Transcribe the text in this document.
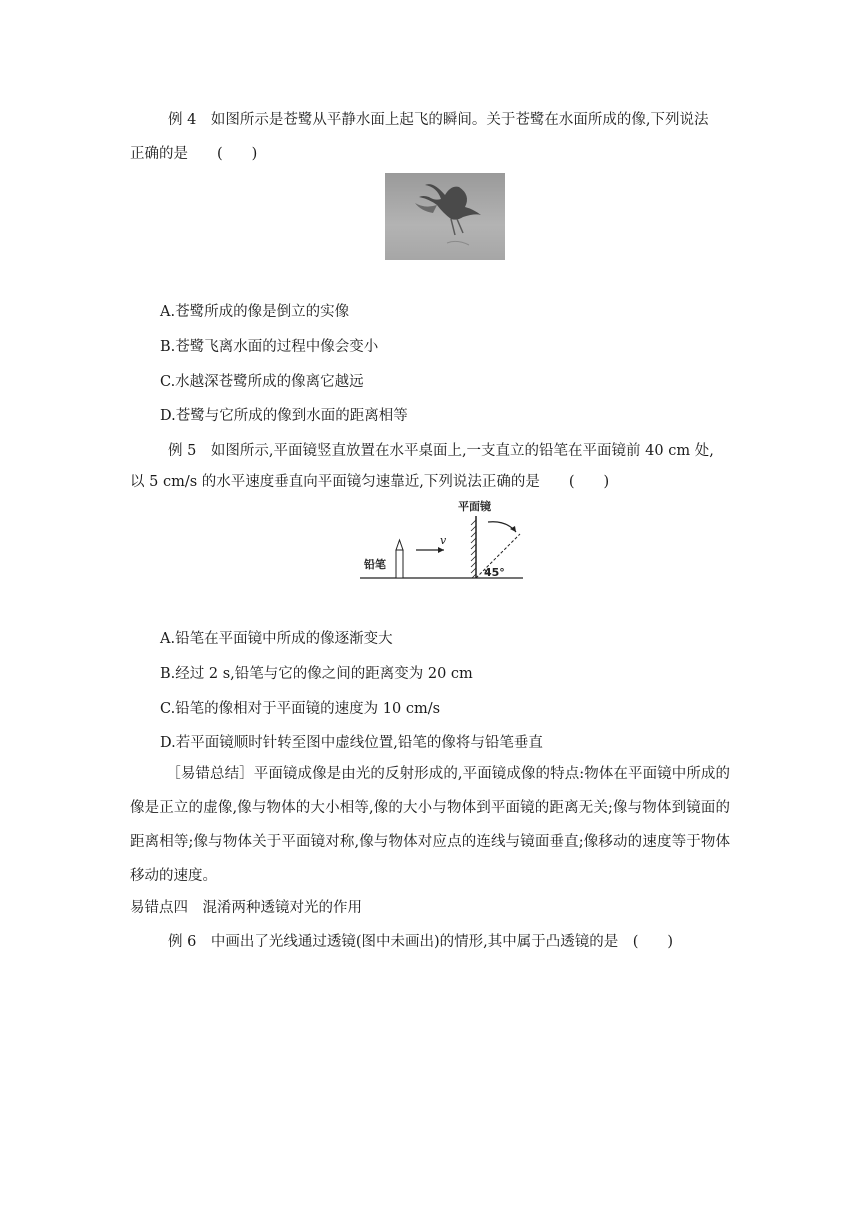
例 4　如图所示是苍鹭从平静水面上起飞的瞬间。关于苍鹭在水面所成的像,下列说法
正确的是　　(　　)
A.苍鹭所成的像是倒立的实像
B.苍鹭飞离水面的过程中像会变小
C.水越深苍鹭所成的像离它越远
D.苍鹭与它所成的像到水面的距离相等
例 5　如图所示,平面镜竖直放置在水平桌面上,一支直立的铅笔在平面镜前 40 cm 处,
以 5 cm/s 的水平速度垂直向平面镜匀速靠近,下列说法正确的是　　(　　)
平面镜
45°
铅笔
v
A.铅笔在平面镜中所成的像逐渐变大
B.经过 2 s,铅笔与它的像之间的距离变为 20 cm
C.铅笔的像相对于平面镜的速度为 10 cm/s
D.若平面镜顺时针转至图中虚线位置,铅笔的像将与铅笔垂直
［易错总结］平面镜成像是由光的反射形成的,平面镜成像的特点:物体在平面镜中所成的像是正立的虚像,像与物体的大小相等,像的大小与物体到平面镜的距离无关;像与物体到镜面的距离相等;像与物体关于平面镜对称,像与物体对应点的连线与镜面垂直;像移动的速度等于物体移动的速度。
易错点四　混淆两种透镜对光的作用
例 6　中画出了光线通过透镜(图中未画出)的情形,其中属于凸透镜的是　(　　)
